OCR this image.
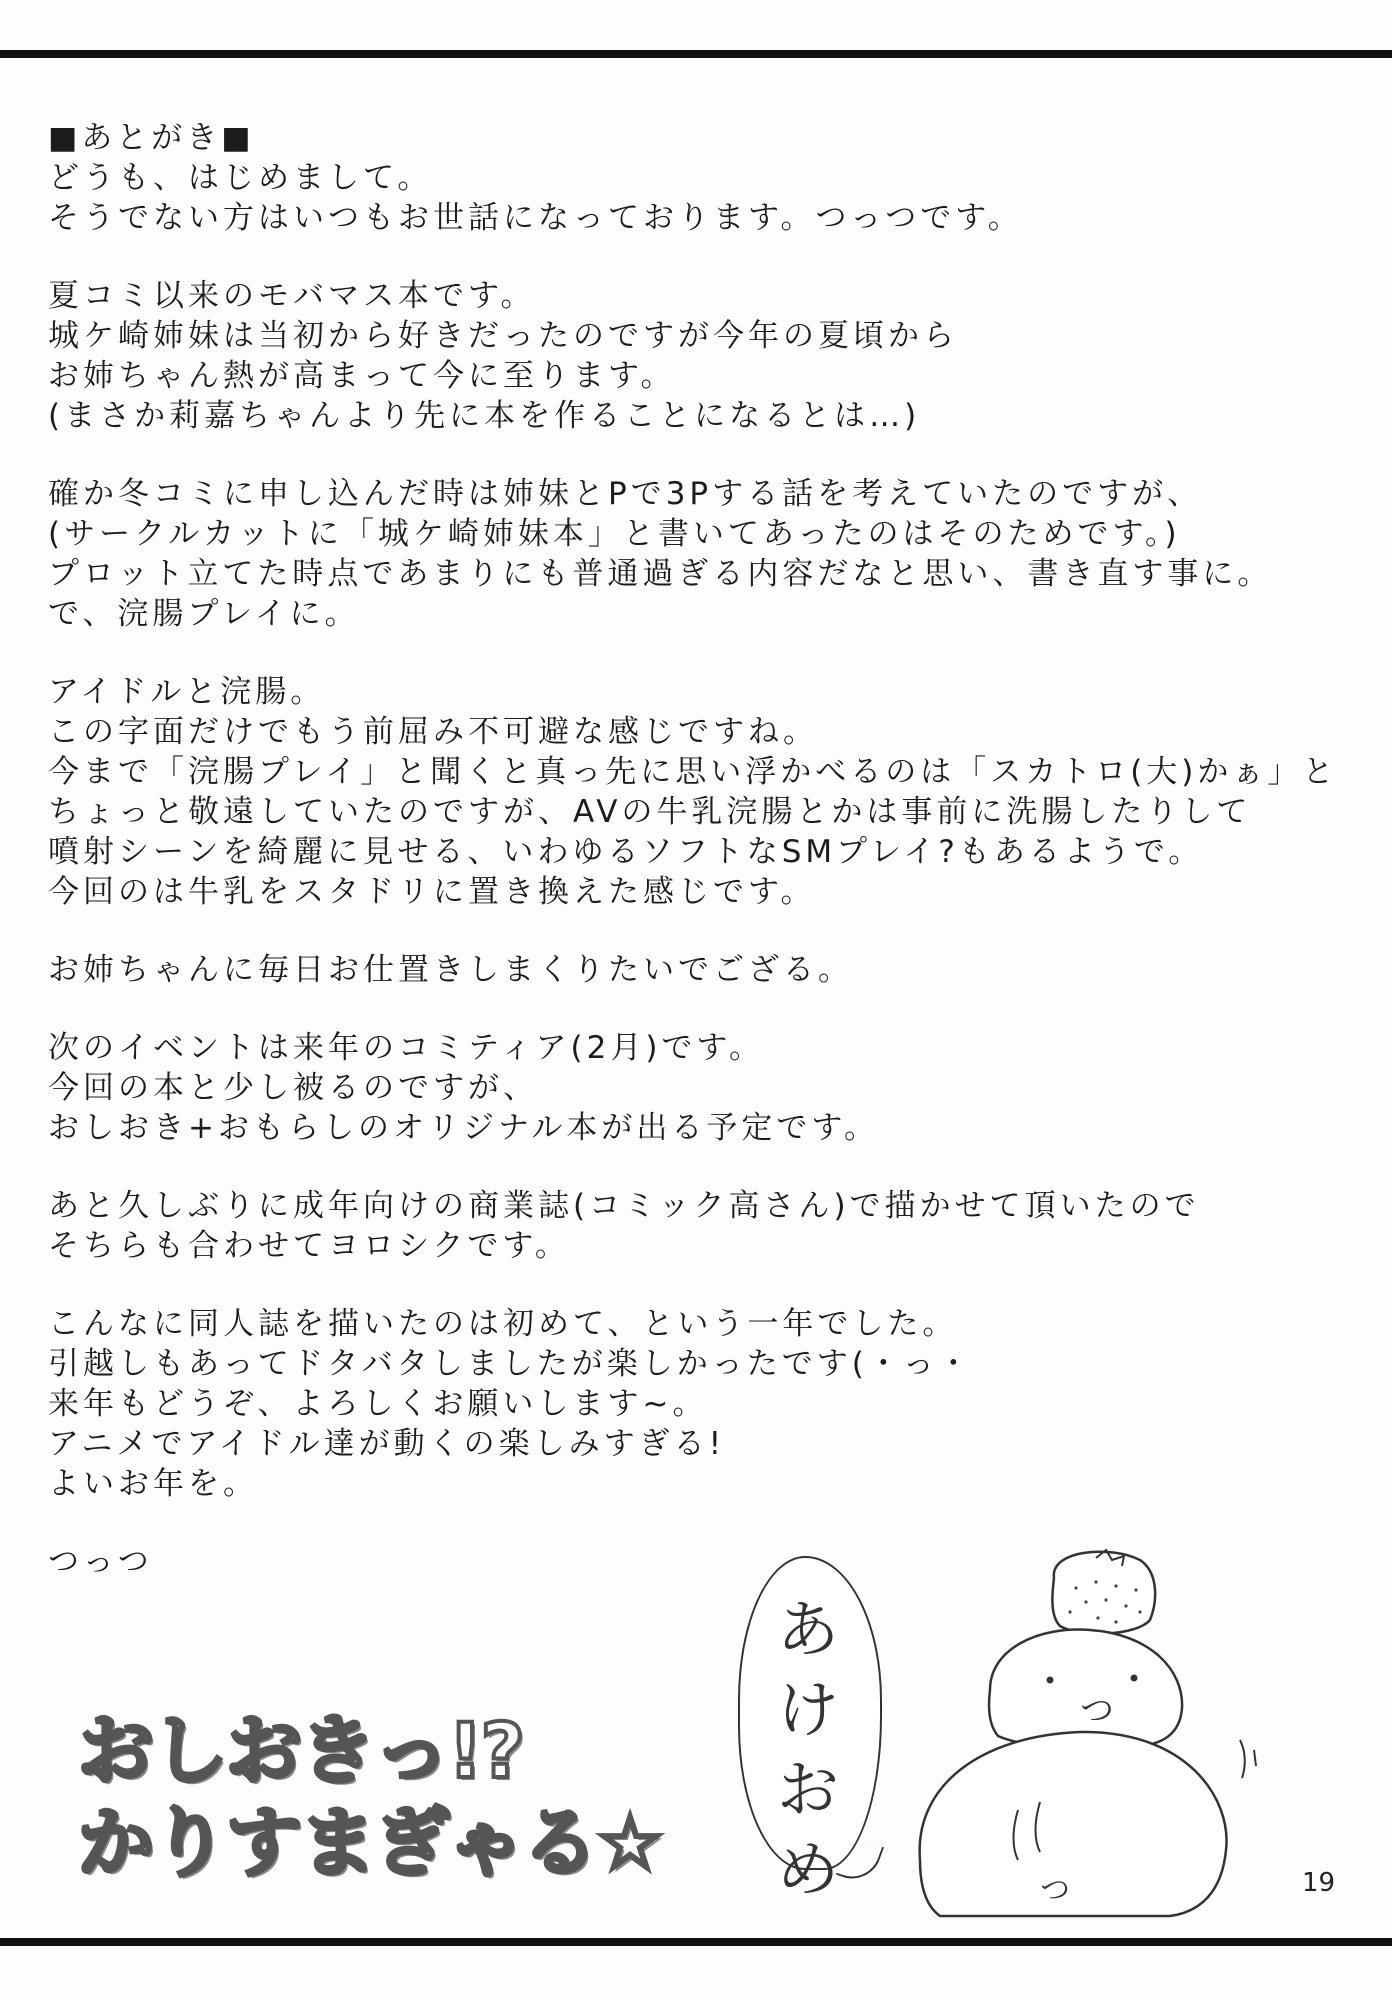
■あとがき■

どうも、はじめまして。

そうでない方はいつもお世話になっております。つっつです。

夏コミ以来のモバマス本です。

城ケ崎姉妹は当初から好きだったのですが今年の夏頃から

お姉ちゃん熱が高まって今に至ります。

(まさか莉嘉ちゃんより先に本を作ることになるとは…)

確か冬コミに申し込んだ時は姉妹とPで3Pする話を考えていたのですが、

(サークルカットに「城ケ崎姉妹本」と書いてあったのはそのためです。)

プロット立てた時点であまりにも普通過ぎる内容だなと思い、書き直す事に。

で、浣腸プレイに。

アイドルと浣腸。

この字面だけでもう前屈み不可避な感じですね。

今まで「浣腸プレイ」と聞くと真っ先に思い浮かべるのは「スカトロ(大)かぁ」と

ちょっと敬遠していたのですが、AVの牛乳浣腸とかは事前に洗腸したりして

噴射シーンを綺麗に見せる、いわゆるソフトなSMプレイ?もあるようで。

今回のは牛乳をスタドリに置き換えた感じです。

お姉ちゃんに毎日お仕置きしまくりたいでござる。

次のイベントは来年のコミティア(2月)です。

今回の本と少し被るのですが、

おしおき+おもらしのオリジナル本が出る予定です。

あと久しぶりに成年向けの商業誌(コミック高さん)で描かせて頂いたので

そちらも合わせてヨロシクです。

こんなに同人誌を描いたのは初めて、という一年でした。

引越しもあってドタバタしましたが楽しかったです(・っ・

来年もどうぞ、よろしくお願いします~。

アニメでアイドル達が動くの楽しみすぎる!

よいお年を。

つっつ

おしおきっ!?
かりすまぎゃる☆
あけおめ
つ
つ	19
